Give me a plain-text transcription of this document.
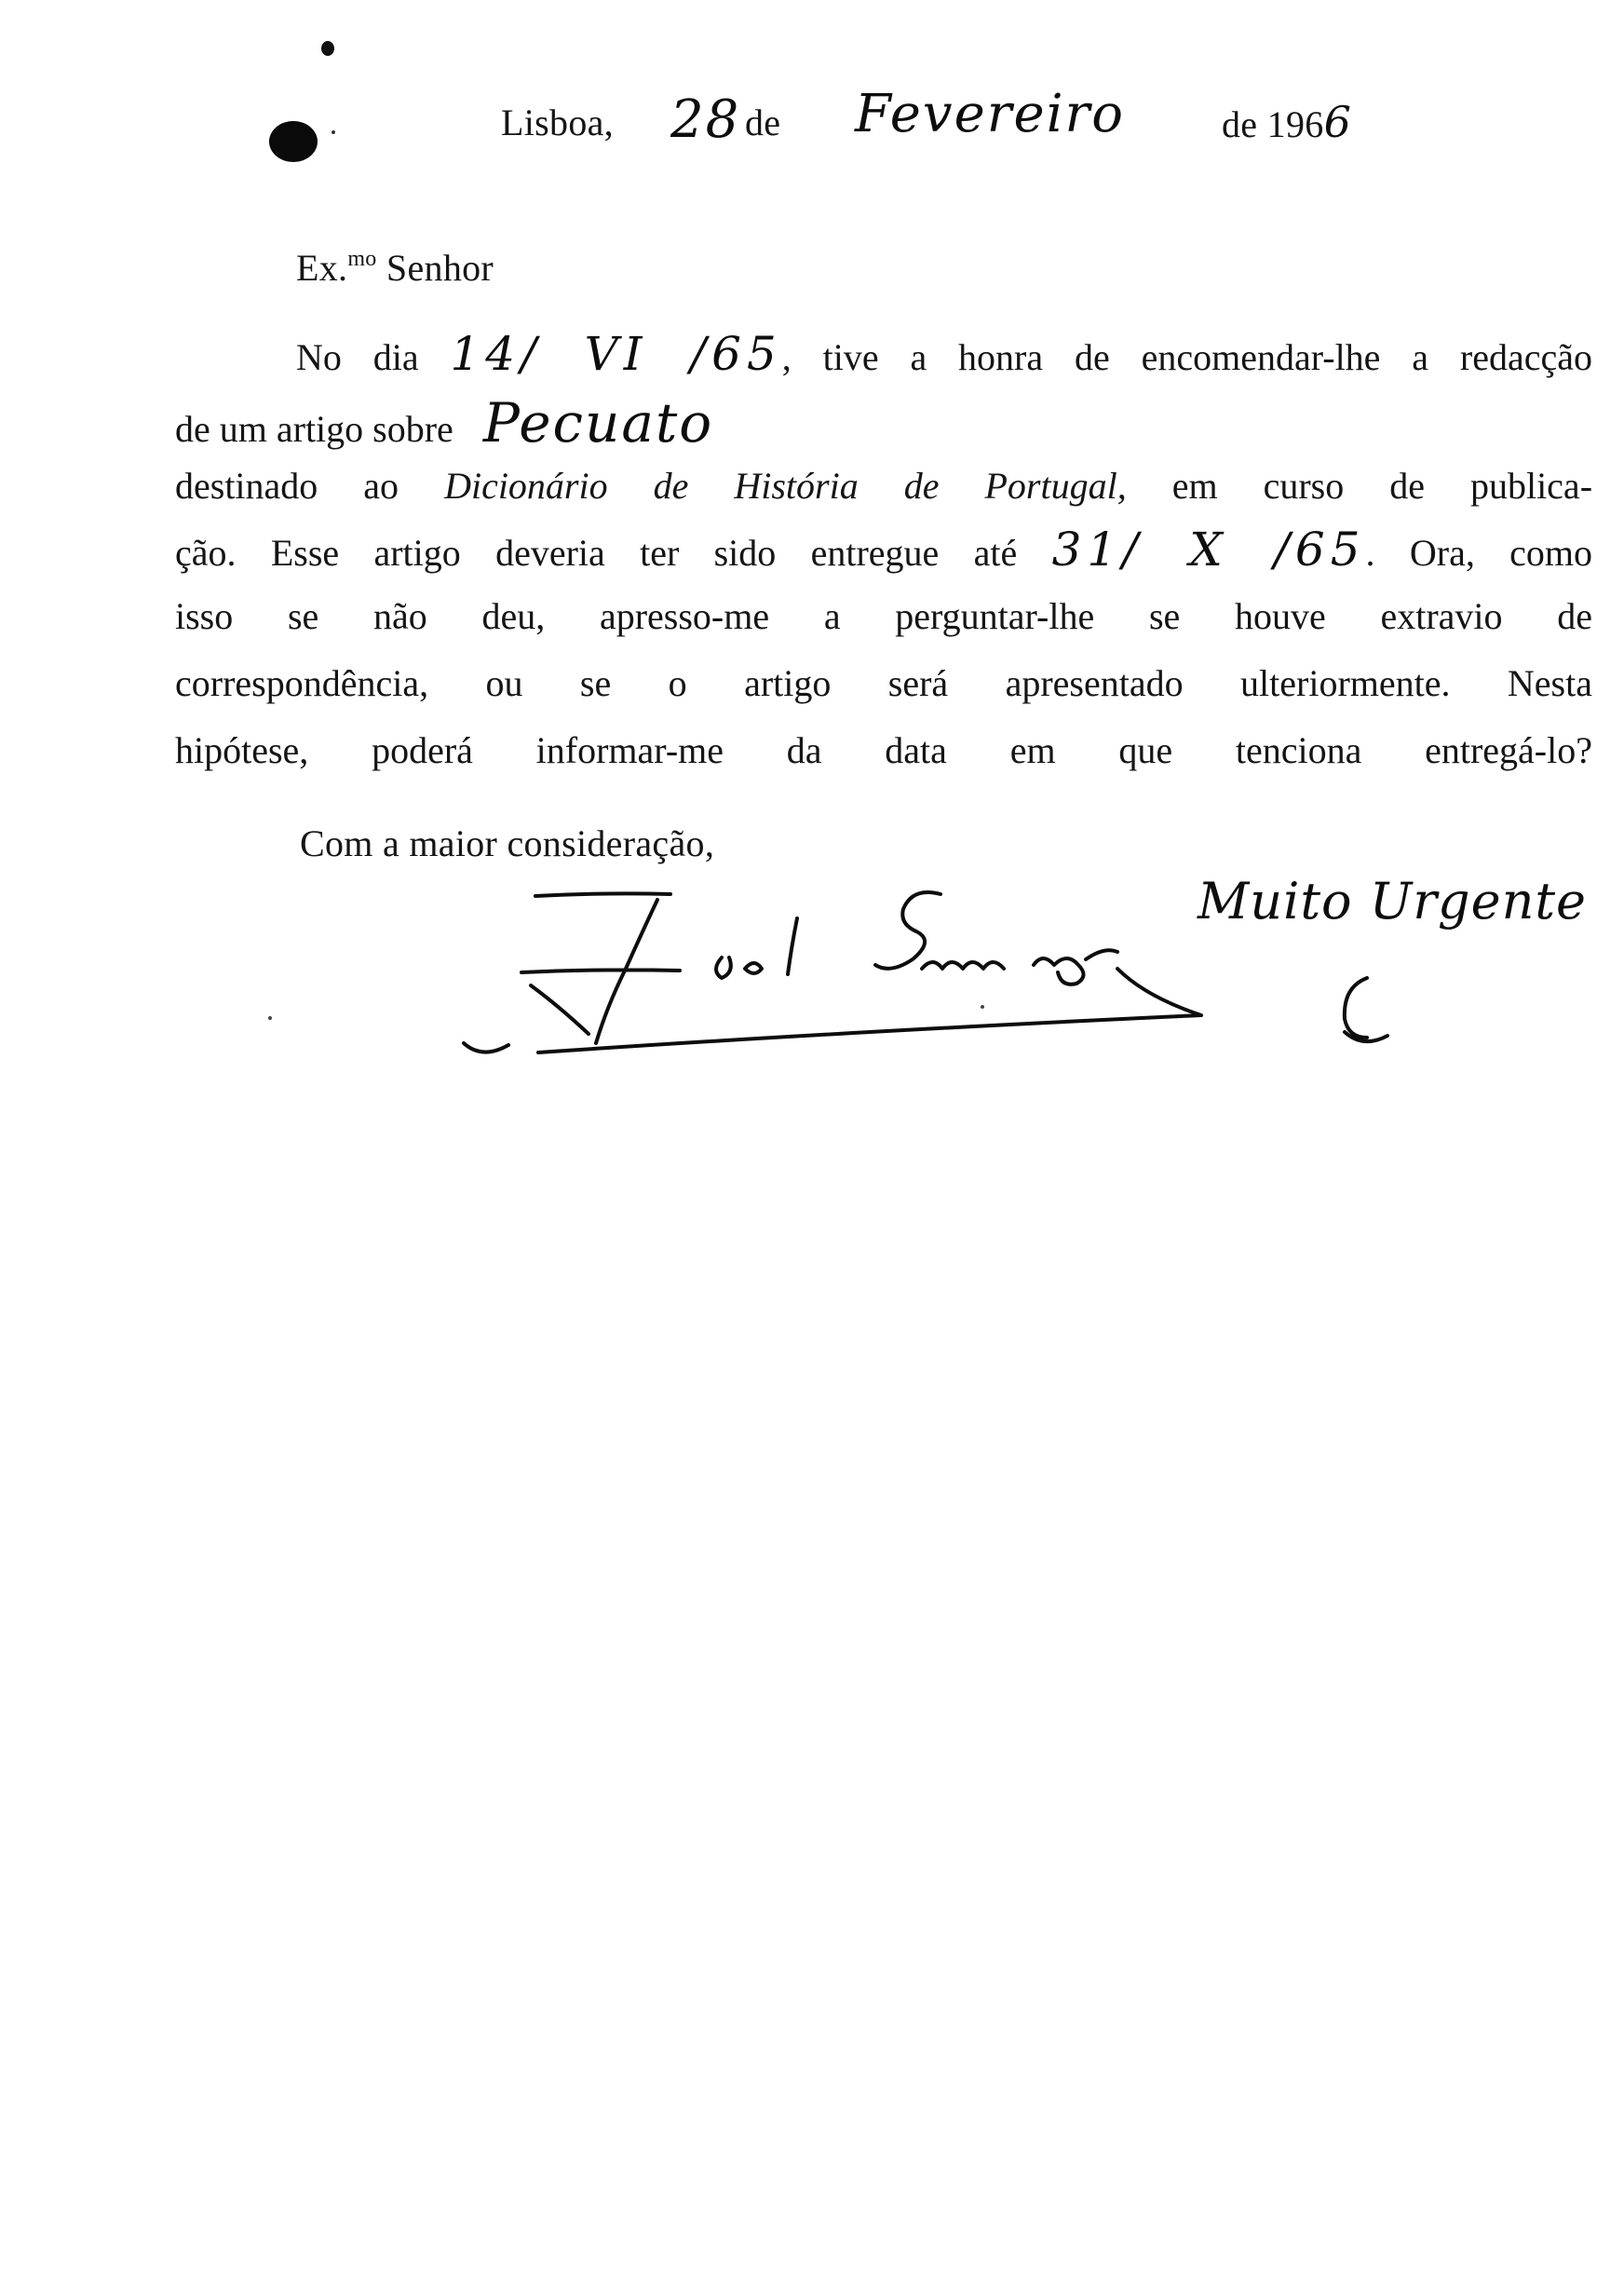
Lisboa, 28 de Fevereiro	de 1966
Ex.$^{mo}$ Senhor
No dia 14/ VI /65, tive a honra de encomendar-lhe a redacção
de um artigo sobre Pecuato
destinado ao Dicionário de História de Portugal, em curso de publica-
ção. Esse artigo deveria ter sido entregue até 31/ X /65. Ora, como
isso se não deu, apresso-me a perguntar-lhe se houve extravio de
correspondência, ou se o artigo será apresentado ulteriormente. Nesta
hipótese, poderá informar-me da data em que tenciona entregá-lo?
Com a maior consideração,
Muito Urgente
